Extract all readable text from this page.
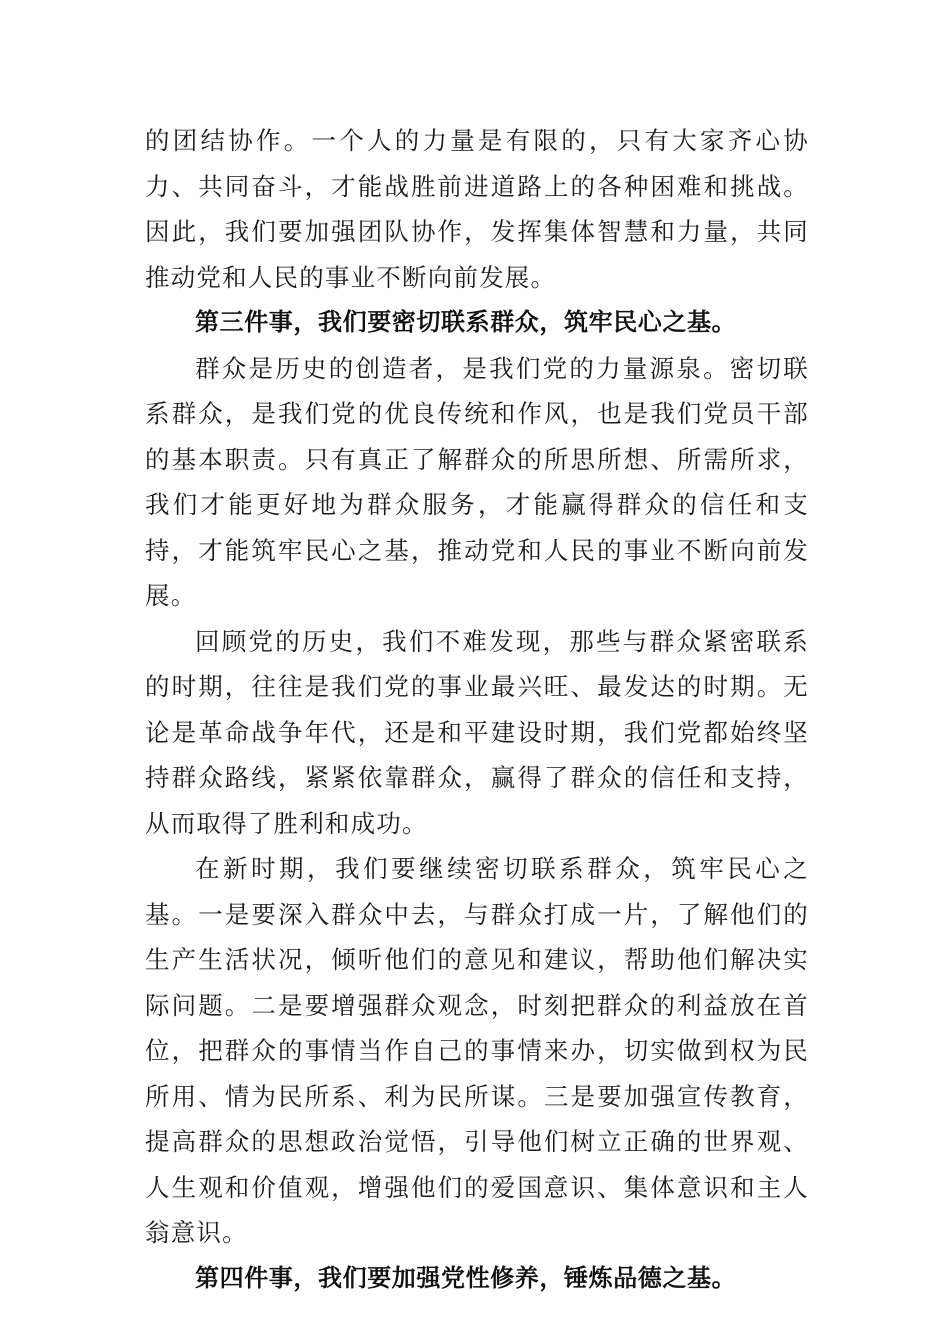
的团结协作。一个人的力量是有限的，只有大家齐心协力、共同奋斗，才能战胜前进道路上的各种困难和挑战。因此，我们要加强团队协作，发挥集体智慧和力量，共同推动党和人民的事业不断向前发展。

第三件事，我们要密切联系群众，筑牢民心之基。

群众是历史的创造者，是我们党的力量源泉。密切联系群众，是我们党的优良传统和作风，也是我们党员干部的基本职责。只有真正了解群众的所思所想、所需所求，我们才能更好地为群众服务，才能赢得群众的信任和支持，才能筑牢民心之基，推动党和人民的事业不断向前发展。

回顾党的历史，我们不难发现，那些与群众紧密联系的时期，往往是我们党的事业最兴旺、最发达的时期。无论是革命战争年代，还是和平建设时期，我们党都始终坚持群众路线，紧紧依靠群众，赢得了群众的信任和支持，从而取得了胜利和成功。

在新时期，我们要继续密切联系群众，筑牢民心之基。一是要深入群众中去，与群众打成一片，了解他们的生产生活状况，倾听他们的意见和建议，帮助他们解决实际问题。二是要增强群众观念，时刻把群众的利益放在首位，把群众的事情当作自己的事情来办，切实做到权为民所用、情为民所系、利为民所谋。三是要加强宣传教育，提高群众的思想政治觉悟，引导他们树立正确的世界观、人生观和价值观，增强他们的爱国意识、集体意识和主人翁意识。

第四件事，我们要加强党性修养，锤炼品德之基。
